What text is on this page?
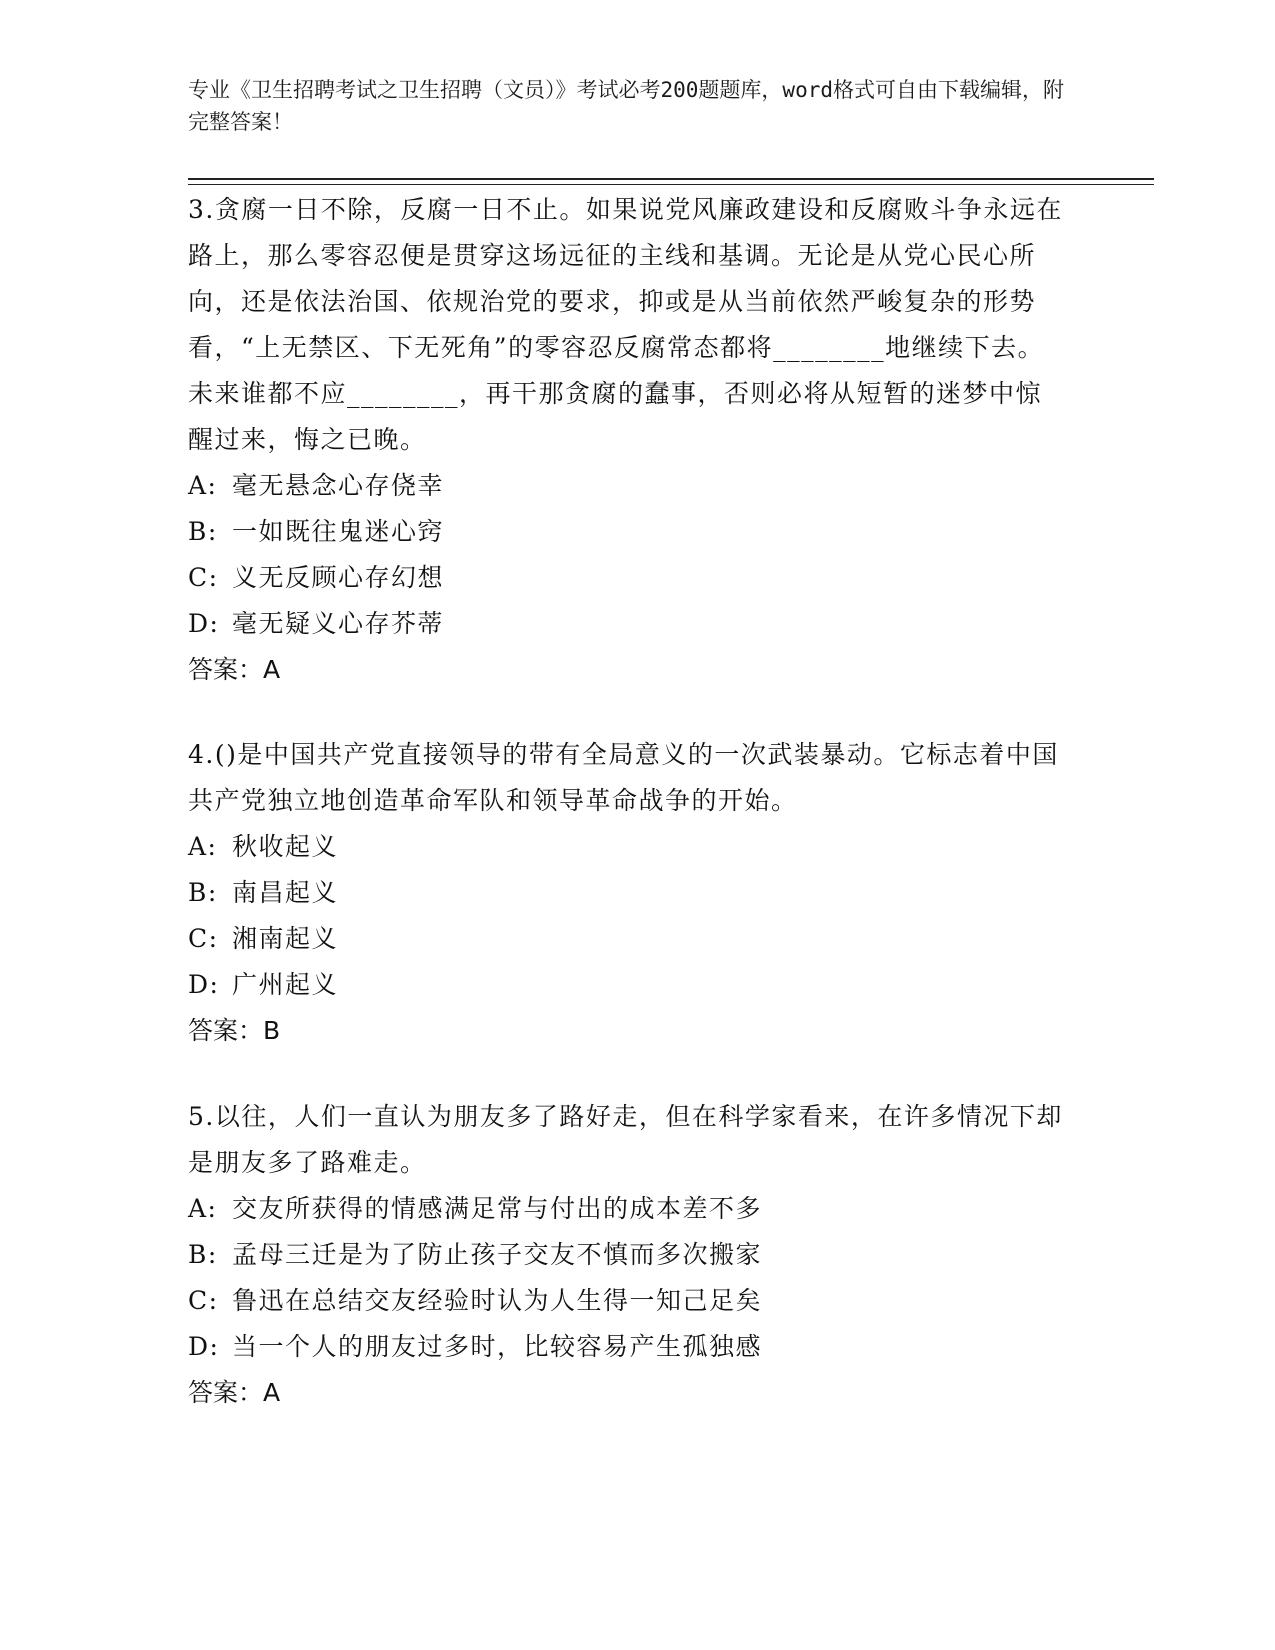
专业《卫生招聘考试之卫生招聘（文员）》考试必考200题题库，word格式可自由下载编辑，附完整答案！

3.贪腐一日不除，反腐一日不止。如果说党风廉政建设和反腐败斗争永远在路上，那么零容忍便是贯穿这场远征的主线和基调。无论是从党心民心所向，还是依法治国、依规治党的要求，抑或是从当前依然严峻复杂的形势看，“上无禁区、下无死角”的零容忍反腐常态都将________地继续下去。未来谁都不应________，再干那贪腐的蠢事，否则必将从短暂的迷梦中惊醒过来，悔之已晚。

A: 毫无悬念心存侥幸

B: 一如既往鬼迷心窍

C: 义无反顾心存幻想

D: 毫无疑义心存芥蒂

答案：A

4.()是中国共产党直接领导的带有全局意义的一次武装暴动。它标志着中国共产党独立地创造革命军队和领导革命战争的开始。

A: 秋收起义

B: 南昌起义

C: 湘南起义

D: 广州起义

答案：B

5.以往，人们一直认为朋友多了路好走，但在科学家看来，在许多情况下却是朋友多了路难走。

A: 交友所获得的情感满足常与付出的成本差不多

B: 孟母三迁是为了防止孩子交友不慎而多次搬家

C: 鲁迅在总结交友经验时认为人生得一知己足矣

D: 当一个人的朋友过多时，比较容易产生孤独感

答案：A
